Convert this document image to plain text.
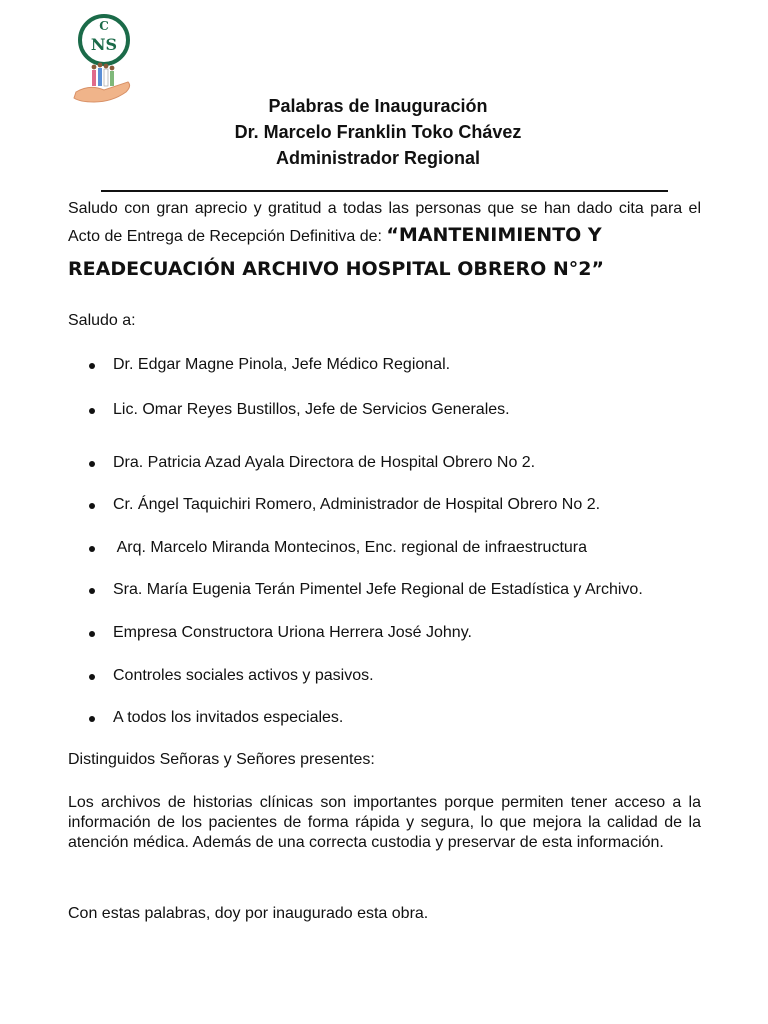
C
NS
Palabras de Inauguración
Dr. Marcelo Franklin Toko Chávez
Administrador Regional
Saludo con gran aprecio y gratitud a todas las personas que se han dado cita para el Acto de Entrega de Recepción Definitiva de: “MANTENIMIENTO Y
READECUACIÓN ARCHIVO HOSPITAL OBRERO N°2”
Saludo a:
Dr. Edgar Magne Pinola, Jefe Médico Regional.
Lic. Omar Reyes Bustillos, Jefe de Servicios Generales.
Dra. Patricia Azad Ayala Directora de Hospital Obrero No 2.
Cr. Ángel Taquichiri Romero, Administrador de Hospital Obrero No 2.
Arq. Marcelo Miranda Montecinos, Enc. regional de infraestructura
Sra. María Eugenia Terán Pimentel Jefe Regional de Estadística y Archivo.
Empresa Constructora Uriona Herrera José Johny.
Controles sociales activos y pasivos.
A todos los invitados especiales.
Distinguidos Señoras y Señores presentes:
Los archivos de historias clínicas son importantes porque permiten tener acceso a la información de los pacientes de forma rápida y segura, lo que mejora la calidad de la atención médica. Además de una correcta custodia y preservar de esta información.
Con estas palabras, doy por inaugurado esta obra.
